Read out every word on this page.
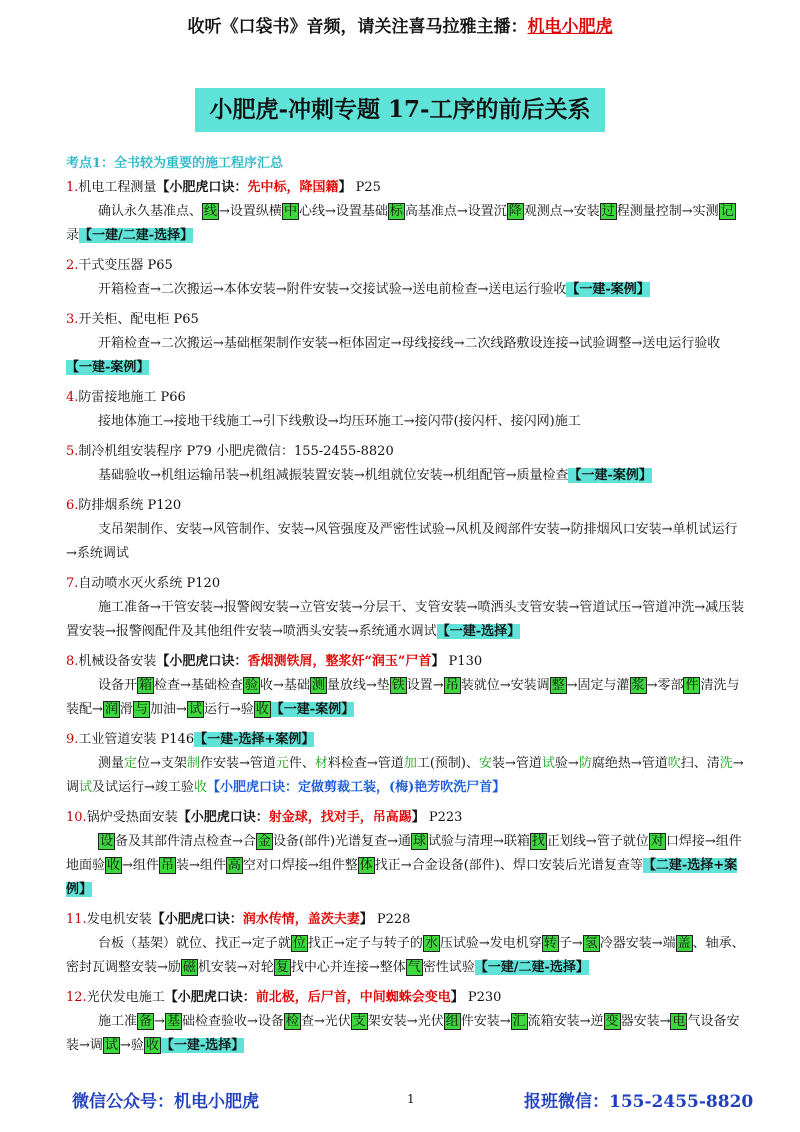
收听《口袋书》音频，请关注喜马拉雅主播：机电小肥虎
小肥虎-冲刺专题 17-工序的前后关系
考点1：全书较为重要的施工程序汇总
1.机电工程测量【小肥虎口诀：先中标，降国籍】 P25
确认永久基准点、 线 →设置纵横 中 心线→设置基础 标 高基准点→设置沉 降 观测点→安装 过 程测量控制→实测 记录【一建/二建-选择】
2.干式变压器 P65
开箱检查→二次搬运→本体安装→附件安装→交接试验→送电前检查→送电运行验收【一建-案例】
3.开关柜、配电柜 P65
开箱检查→二次搬运→基础框架制作安装→柜体固定→母线接线→二次线路敷设连接→试验调整→送电运行验收【一建-案例】
4.防雷接地施工 P66
接地体施工→接地干线施工→引下线敷设→均压环施工→接闪带(接闪杆、接闪网)施工
5.制冷机组安装程序 P79 小肥虎微信：155-2455-8820
基础验收→机组运输吊装→机组减振装置安装→机组就位安装→机组配管→质量检查【一建-案例】
6.防排烟系统 P120
支吊架制作、安装→风管制作、安装→风管强度及严密性试验→风机及阀部件安装→防排烟风口安装→单机试运行→系统调试
7.自动喷水灭火系统 P120
施工准备→干管安装→报警阀安装→立管安装→分层干、支管安装→喷洒头支管安装→管道试压→管道冲洗→减压装置安装→报警阀配件及其他组件安装→喷洒头安装→系统通水调试【一建-选择】
8.机械设备安装【小肥虎口诀：香烟测铁屑，整浆奸“润玉”尸首】 P130
设备开 箱 检查→基础检查 验 收→基础 测 量放线→垫 铁 设置→ 吊 装就位→安装调 整 →固定与灌 浆 →零部 件 清洗与装配→ 润 滑 与 加油→ 试 运行→验 收 【一建-案例】
9.工业管道安装 P146【一建-选择+案例】
测量定位→支架制作安装→管道元件、材料检查→管道加工(预制)、安装→管道试验→防腐绝热→管道吹扫、清洗→调试及试运行→竣工验收【小肥虎口诀：定做剪裁工装，(梅)艳芳吹洗尸首】
10.锅炉受热面安装【小肥虎口诀：射金球，找对手，吊高踢】 P223
设 备及其部件清点检查→合 金 设备(部件)光谱复查→通 球 试验与清理→联箱 找 正划线→管子就位 对 口焊接→组件地面验 收 →组件 吊 装→组件 高 空对口焊接→组件整 体 找正→合金设备(部件)、焊口安装后光谱复查等【二建-选择+案例】
11.发电机安装【小肥虎口诀：润水传情，盖茨夫妻】 P228
台板（基架）就位、找正→定子就 位 找正→定子与转子的 水 压试验→发电机穿 转 子→ 氢 冷器安装→端 盖 、轴承、密封瓦调整安装→励 磁 机安装→对轮 复 找中心并连接→整体 气 密性试验【一建/二建-选择】
12.光伏发电施工【小肥虎口诀：前北极，后尸首，中间蜘蛛会变电】 P230
施工准 备 → 基 础检查验收→设备 检 查→光伏 支 架安装→光伏 组 件安装→ 汇 流箱安装→逆 变 器安装→ 电 气设备安装→调 试 →验 收 【一建-选择】
微信公众号：机电小肥虎	1	报班微信：155-2455-8820
